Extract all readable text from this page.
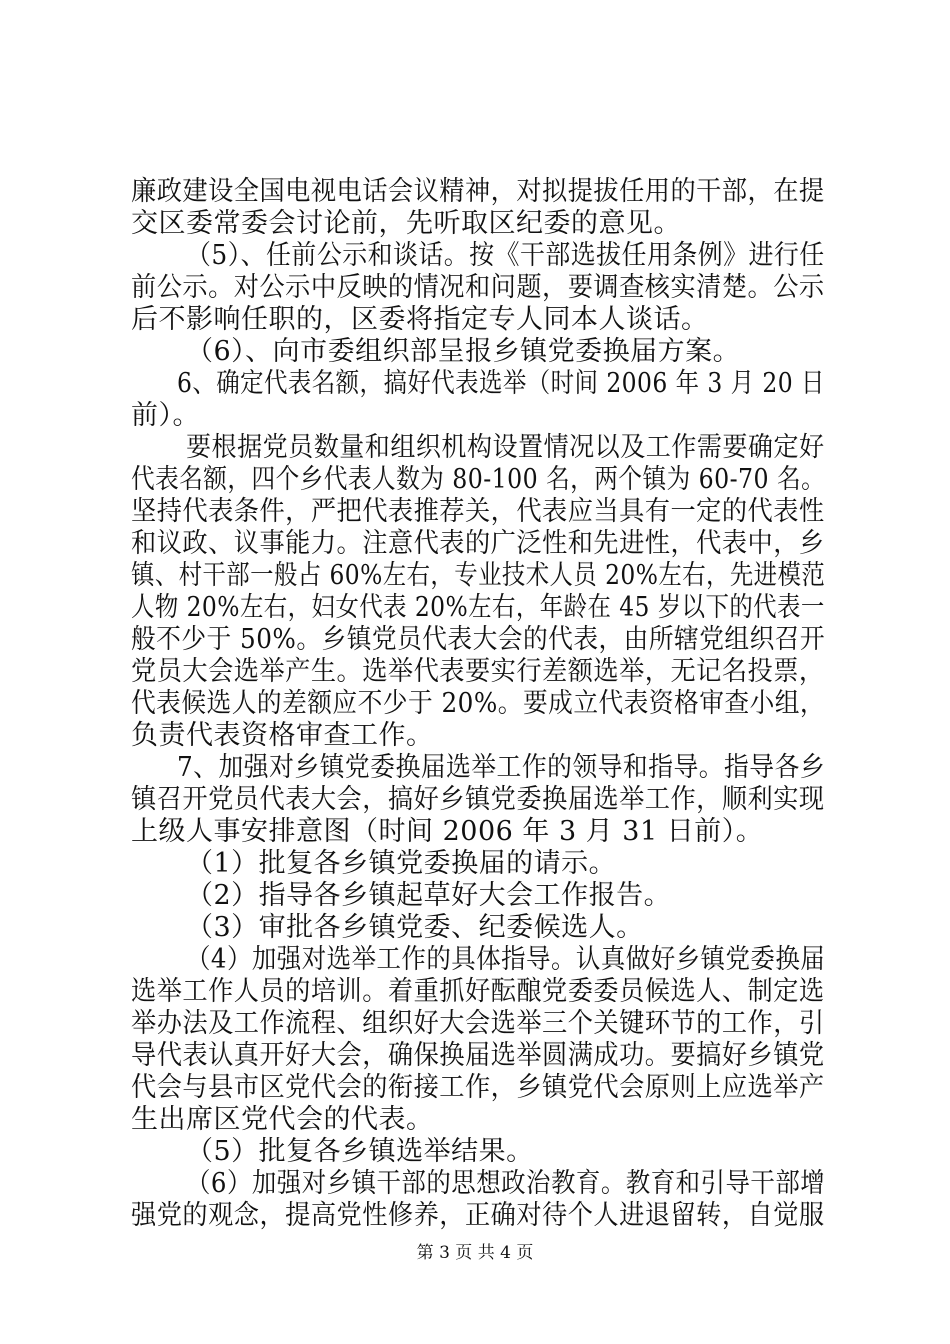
廉政建设全国电视电话会议精神，对拟提拔任用的干部，在提
交区委常委会讨论前，先听取区纪委的意见。
（5）、任前公示和谈话。按《干部选拔任用条例》进行任
前公示。对公示中反映的情况和问题，要调查核实清楚。公示
后不影响任职的，区委将指定专人同本人谈话。
（6）、向市委组织部呈报乡镇党委换届方案。
6、确定代表名额，搞好代表选举（时间 2006 年 3 月 20 日
前）。
要根据党员数量和组织机构设置情况以及工作需要确定好
代表名额，四个乡代表人数为 80-100 名，两个镇为 60-70 名。
坚持代表条件，严把代表推荐关，代表应当具有一定的代表性
和议政、议事能力。注意代表的广泛性和先进性，代表中，乡
镇、村干部一般占 60%左右，专业技术人员 20%左右，先进模范
人物 20%左右，妇女代表 20%左右，年龄在 45 岁以下的代表一
般不少于 50%。乡镇党员代表大会的代表，由所辖党组织召开
党员大会选举产生。选举代表要实行差额选举，无记名投票，
代表候选人的差额应不少于 20%。要成立代表资格审查小组，
负责代表资格审查工作。
7、加强对乡镇党委换届选举工作的领导和指导。指导各乡
镇召开党员代表大会，搞好乡镇党委换届选举工作，顺利实现
上级人事安排意图（时间 2006 年 3 月 31 日前）。
（1）批复各乡镇党委换届的请示。
（2）指导各乡镇起草好大会工作报告。
（3）审批各乡镇党委、纪委候选人。
（4）加强对选举工作的具体指导。认真做好乡镇党委换届
选举工作人员的培训。着重抓好酝酿党委委员候选人、制定选
举办法及工作流程、组织好大会选举三个关键环节的工作，引
导代表认真开好大会，确保换届选举圆满成功。要搞好乡镇党
代会与县市区党代会的衔接工作，乡镇党代会原则上应选举产
生出席区党代会的代表。
（5）批复各乡镇选举结果。
（6）加强对乡镇干部的思想政治教育。教育和引导干部增
强党的观念，提高党性修养，正确对待个人进退留转，自觉服
第 3 页 共 4 页
